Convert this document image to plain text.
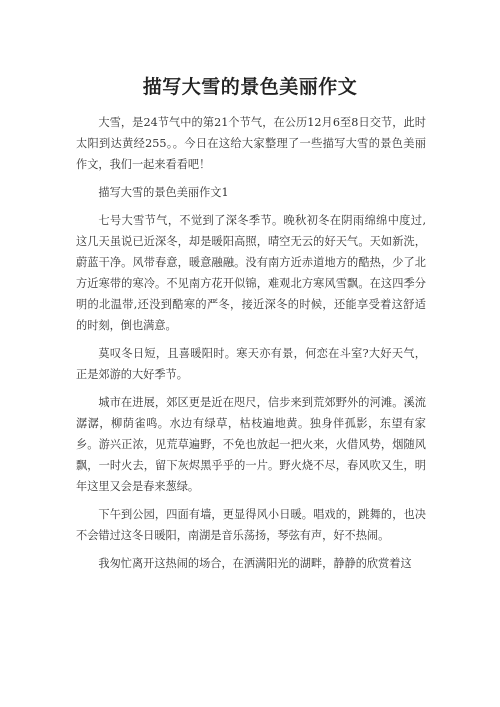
描写大雪的景色美丽作文

大雪，是24节气中的第21个节气，在公历12月6至8日交节，此时太阳到达黄经255。。今日在这给大家整理了一些描写大雪的景色美丽作文，我们一起来看看吧！

描写大雪的景色美丽作文1

七号大雪节气，不觉到了深冬季节。晚秋初冬在阴雨绵绵中度过,这几天虽说已近深冬，却是暖阳高照，晴空无云的好天气。天如新洗，蔚蓝干净。风带春意，暖意融融。没有南方近赤道地方的酷热，少了北方近寒带的寒冷。不见南方花开似锦，难观北方寒风雪飘。在这四季分明的北温带,还没到酷寒的严冬，接近深冬的时候，还能享受着这舒适的时刻，倒也满意。

莫叹冬日短，且喜暖阳时。寒天亦有景，何恋在斗室?大好天气，正是郊游的大好季节。

城市在进展，郊区更是近在咫尺，信步来到荒郊野外的河滩。溪流潺潺，柳荫雀鸣。水边有绿草，枯枝遍地黄。独身伴孤影，东望有家乡。游兴正浓，见荒草遍野，不免也放起一把火来，火借风势，烟随风飘，一时火去，留下灰烬黑乎乎的一片。野火烧不尽，春风吹又生，明年这里又会是春来葱绿。

下午到公园，四面有墙，更显得风小日暖。唱戏的，跳舞的，也决不会错过这冬日暖阳，南湖是音乐荡扬，琴弦有声，好不热闹。

我匆忙离开这热闹的场合，在洒满阳光的湖畔，静静的欣赏着这
